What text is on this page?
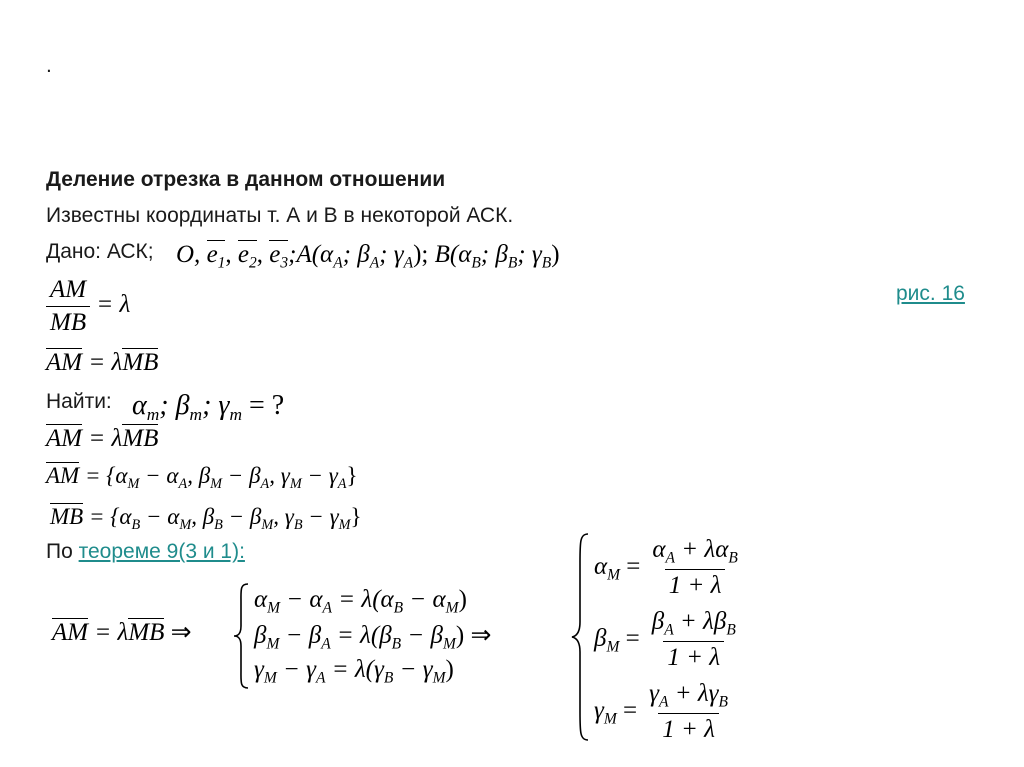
.
Деление отрезка в данном отношении
Известны координаты т. А и В в некоторой АСК.
Дано: АСК; O, $e_1$, $e_2$, $e_3;A(\alpha_A$; $\beta_A$; $\gamma_A$); $B(\alpha_B$; $\beta_B$; $\gamma_B$)
$\frac{AM}{MB} = \lambda$	рис. 16
AM = λMB
Найти: $\alpha_m$; $\beta_m$; $\gamma_m$ = ?
AM = λMB
AM = {$\alpha_M - \alpha_A$, $\beta_M - \beta_A$, $\gamma_M - \gamma_A$}
MB = {$\alpha_B - \alpha_M$, $\beta_B - \beta_M$, $\gamma_B - \gamma_M$}
По теореме 9(3 и 1):
AM = λMB ⇒
$\alpha_M - \alpha_A = \lambda(\alpha_B - \alpha_M)$
$\beta_M - \beta_A = \lambda(\beta_B - \beta_M)$ ⇒
$\gamma_M - \gamma_A = \lambda(\gamma_B - \gamma_M)$
$\alpha_M = \frac{\alpha_A + \lambda\alpha_B}{1 + \lambda}$
$\beta_M = \frac{\beta_A + \lambda\beta_B}{1 + \lambda}$
$\gamma_M = \frac{\gamma_A + \lambda\gamma_B}{1 + \lambda}$
